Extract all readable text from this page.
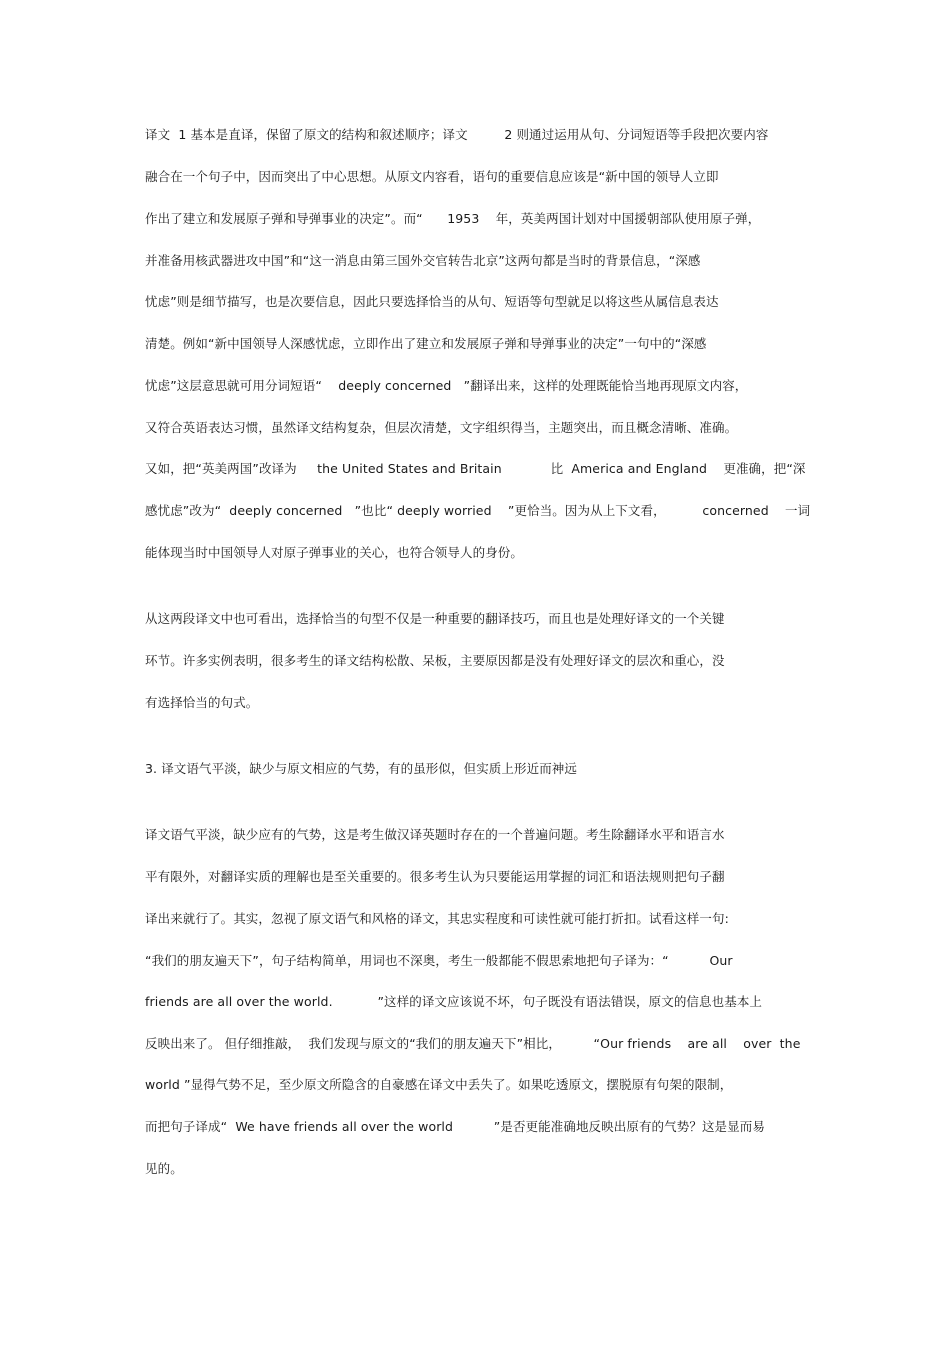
译文  1 基本是直译，保留了原文的结构和叙述顺序；译文         2 则通过运用从句、分词短语等手段把次要内容
融合在一个句子中，因而突出了中心思想。从原文内容看，语句的重要信息应该是“新中国的领导人立即
作出了建立和发展原子弹和导弹事业的决定”。而“      1953    年，英美两国计划对中国援朝部队使用原子弹，
并准备用核武器进攻中国”和“这一消息由第三国外交官转告北京”这两句都是当时的背景信息，“深感
忧虑”则是细节描写，也是次要信息，因此只要选择恰当的从句、短语等句型就足以将这些从属信息表达
清楚。例如“新中国领导人深感忧虑，立即作出了建立和发展原子弹和导弹事业的决定”一句中的“深感
忧虑”这层意思就可用分词短语“    deeply concerned   ”翻译出来，这样的处理既能恰当地再现原文内容，
又符合英语表达习惯，虽然译文结构复杂，但层次清楚，文字组织得当，主题突出，而且概念清晰、准确。
又如，把“英美两国”改译为     the United States and Britain            比  America and England    更准确，把“深
感忧虑”改为“  deeply concerned   ”也比“ deeply worried    ”更恰当。因为从上下文看，         concerned    一词
能体现当时中国领导人对原子弹事业的关心，也符合领导人的身份。
从这两段译文中也可看出，选择恰当的句型不仅是一种重要的翻译技巧，而且也是处理好译文的一个关键
环节。许多实例表明，很多考生的译文结构松散、呆板，主要原因都是没有处理好译文的层次和重心，没
有选择恰当的句式。
3. 译文语气平淡，缺少与原文相应的气势，有的虽形似，但实质上形近而神远
译文语气平淡，缺少应有的气势，这是考生做汉译英题时存在的一个普遍问题。考生除翻译水平和语言水
平有限外，对翻译实质的理解也是至关重要的。很多考生认为只要能运用掌握的词汇和语法规则把句子翻
译出来就行了。其实，忽视了原文语气和风格的译文，其忠实程度和可读性就可能打折扣。试看这样一句:
“我们的朋友遍天下”，句子结构简单，用词也不深奥，考生一般都能不假思索地把句子译为：“          Our
friends are all over the world.           ”这样的译文应该说不坏，句子既没有语法错误，原文的信息也基本上
反映出来了。 但仔细推敲，  我们发现与原文的“我们的朋友遍天下”相比，        “Our friends    are all    over  the
world ”显得气势不足，至少原文所隐含的自豪感在译文中丢失了。如果吃透原文，摆脱原有句架的限制，
而把句子译成“  We have friends all over the world          ”是否更能准确地反映出原有的气势？这是显而易
见的。
